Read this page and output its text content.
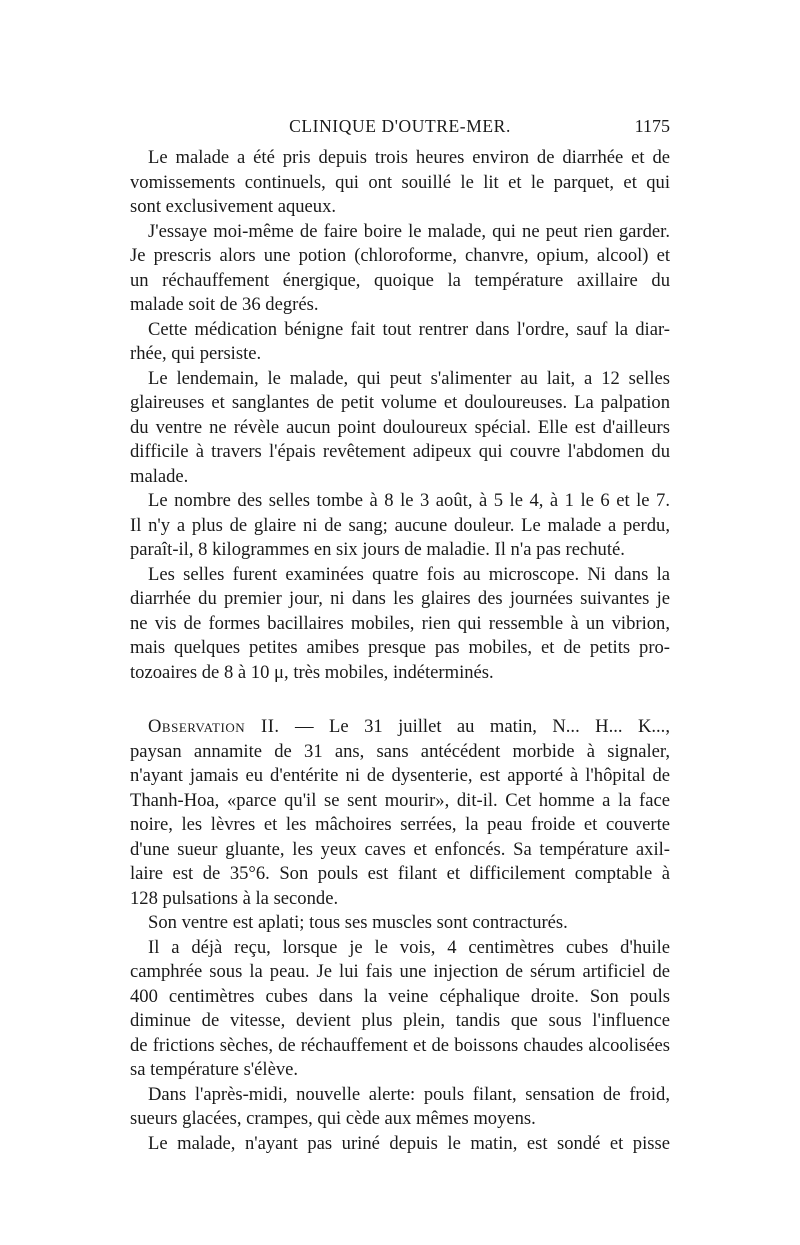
CLINIQUE D'OUTRE-MER.	1175
Le malade a été pris depuis trois heures environ de diarrhée et de
vomissements continuels, qui ont souillé le lit et le parquet, et qui
sont exclusivement aqueux.
J'essaye moi-même de faire boire le malade, qui ne peut rien garder.
Je prescris alors une potion (chloroforme, chanvre, opium, alcool) et
un réchauffement énergique, quoique la température axillaire du
malade soit de 36 degrés.
Cette médication bénigne fait tout rentrer dans l'ordre, sauf la diar-
rhée, qui persiste.
Le lendemain, le malade, qui peut s'alimenter au lait, a 12 selles
glaireuses et sanglantes de petit volume et douloureuses. La palpation
du ventre ne révèle aucun point douloureux spécial. Elle est d'ailleurs
difficile à travers l'épais revêtement adipeux qui couvre l'abdomen du
malade.
Le nombre des selles tombe à 8 le 3 août, à 5 le 4, à 1 le 6 et le 7.
Il n'y a plus de glaire ni de sang; aucune douleur. Le malade a perdu,
paraît-il, 8 kilogrammes en six jours de maladie. Il n'a pas rechuté.
Les selles furent examinées quatre fois au microscope. Ni dans la
diarrhée du premier jour, ni dans les glaires des journées suivantes je
ne vis de formes bacillaires mobiles, rien qui ressemble à un vibrion,
mais quelques petites amibes presque pas mobiles, et de petits pro-
tozoaires de 8 à 10 μ, très mobiles, indéterminés.
Observation II. — Le 31 juillet au matin, N... H... K...,
paysan annamite de 31 ans, sans antécédent morbide à signaler,
n'ayant jamais eu d'entérite ni de dysenterie, est apporté à l'hôpital de
Thanh-Hoa, «parce qu'il se sent mourir», dit-il. Cet homme a la face
noire, les lèvres et les mâchoires serrées, la peau froide et couverte
d'une sueur gluante, les yeux caves et enfoncés. Sa température axil-
laire est de 35°6. Son pouls est filant et difficilement comptable à
128 pulsations à la seconde.
Son ventre est aplati; tous ses muscles sont contracturés.
Il a déjà reçu, lorsque je le vois, 4 centimètres cubes d'huile
camphrée sous la peau. Je lui fais une injection de sérum artificiel de
400 centimètres cubes dans la veine céphalique droite. Son pouls
diminue de vitesse, devient plus plein, tandis que sous l'influence
de frictions sèches, de réchauffement et de boissons chaudes alcoolisées
sa température s'élève.
Dans l'après-midi, nouvelle alerte: pouls filant, sensation de froid,
sueurs glacées, crampes, qui cède aux mêmes moyens.
Le malade, n'ayant pas uriné depuis le matin, est sondé et pisse
